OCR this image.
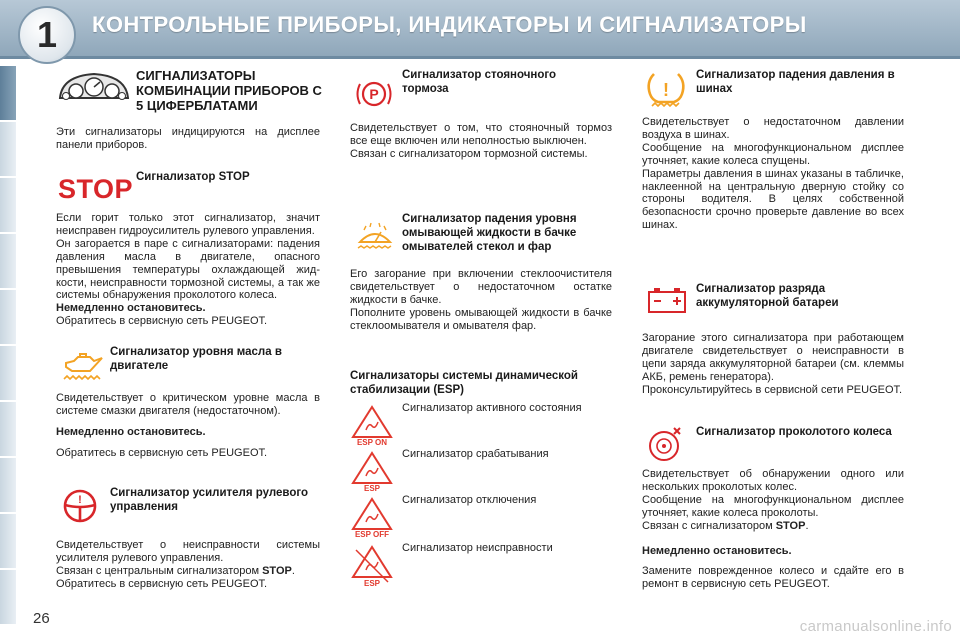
1 КОНТРОЛЬНЫЕ ПРИБОРЫ, ИНДИКАТОРЫ И СИГНАЛИЗАТОРЫ
СИГНАЛИЗАТОРЫ КОМБИНАЦИИ ПРИБОРОВ С 5 ЦИФЕРБЛАТАМИ
Эти сигнализаторы индицируются на дисплее панели приборов.
STOP Сигнализатор STOP
Если горит только этот сигнализатор, значит неисправен гидроусилитель рулевого управления.
Он загорается в паре с сигнализаторами: падения давления масла в двигателе, опасного превышения температуры охлаждающей жидкости, неисправности тормозной системы, а так же системы обнаружения проколотого колеса.
Немедленно остановитесь.
Обратитесь в сервисную сеть PEUGEOT.
Сигнализатор уровня масла в двигателе
Свидетельствует о критическом уровне масла в системе смазки двигателя (недостаточном).
Немедленно остановитесь.
Обратитесь в сервисную сеть PEUGEOT.
!
Сигнализатор усилителя рулевого управления
Свидетельствует о неисправности системы усилителя рулевого управления.
Связан с центральным сигнализатором STOP.
Обратитесь в сервисную сеть PEUGEOT.
P
Сигнализатор стояночного тормоза
Свидетельствует о том, что стояночный тормоз все еще включен или неполностью выключен.
Связан с сигнализатором тормозной системы.
Сигнализатор падения уровня омывающей жидкости в бачке омывателей стекол и фар
Его загорание при включении стеклоочистителя свидетельствует о недостаточном остатке жидкости в бачке.
Пополните уровень омывающей жидкости в бачке стеклоомывателя и омывателя фар.
Сигнализаторы системы динамической стабилизации (ESP)
ESP ON
Сигнализатор активного состояния
ESP
Сигнализатор срабатывания
ESP OFF
Сигнализатор отключения
ESP
Сигнализатор неисправности
!
Сигнализатор падения давления в шинах
Свидетельствует о недостаточном давлении воздуха в шинах.
Сообщение на многофункциональном дисплее уточняет, какие колеса спущены.
Параметры давления в шинах указаны в табличке, наклеенной на центральную дверную стойку со стороны водителя. В целях собственной безопасности срочно проверьте давление во всех шинах.
Сигнализатор разряда аккумуляторной батареи
Загорание этого сигнализатора при работающем двигателе свидетельствует о неисправности в цепи заряда аккумуляторной батареи (см. клеммы АКБ, ремень генератора).
Проконсультируйтесь в сервисной сети PEUGEOT.
Сигнализатор проколотого колеса
Свидетельствует об обнаружении одного или нескольких проколотых колес.
Сообщение на многофункциональном дисплее уточняет, какие колеса проколоты.
Связан с сигнализатором STOP.
Немедленно остановитесь.
Замените поврежденное колесо и сдайте его в ремонт в сервисную сеть PEUGEOT.
26	carmanualsonline.info
